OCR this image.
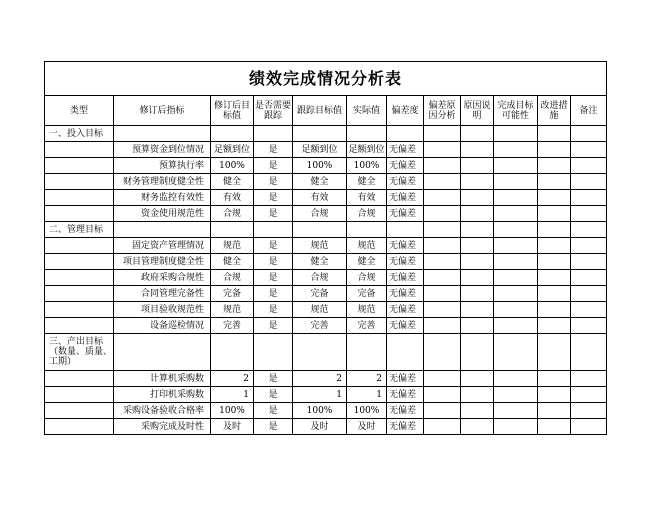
绩效完成情况分析表											
类型	修订后指标	修订后目标值	是否需要跟踪	跟踪目标值	实际值	偏差度	偏差原因分析	原因说明	完成目标可能性	改进措施	备注
一、投入目标											
	预算资金到位情况	足额到位	是	足额到位	足额到位	无偏差					
	预算执行率	100%	是	100%	100%	无偏差					
	财务管理制度健全性	健全	是	健全	健全	无偏差					
	财务监控有效性	有效	是	有效	有效	无偏差					
	资金使用规范性	合规	是	合规	合规	无偏差					
二、管理目标											
	固定资产管理情况	规范	是	规范	规范	无偏差					
	项目管理制度健全性	健全	是	健全	健全	无偏差					
	政府采购合规性	合规	是	合规	合规	无偏差					
	合同管理完备性	完备	是	完备	完备	无偏差					
	项目验收规范性	规范	是	规范	规范	无偏差					
	设备巡检情况	完善	是	完善	完善	无偏差					
三、产出目标（数量、质量、工期）											
	计算机采购数	2	是	2	2	无偏差					
	打印机采购数	1	是	1	1	无偏差					
	采购设备验收合格率	100%	是	100%	100%	无偏差					
	采购完成及时性	及时	是	及时	及时	无偏差					
